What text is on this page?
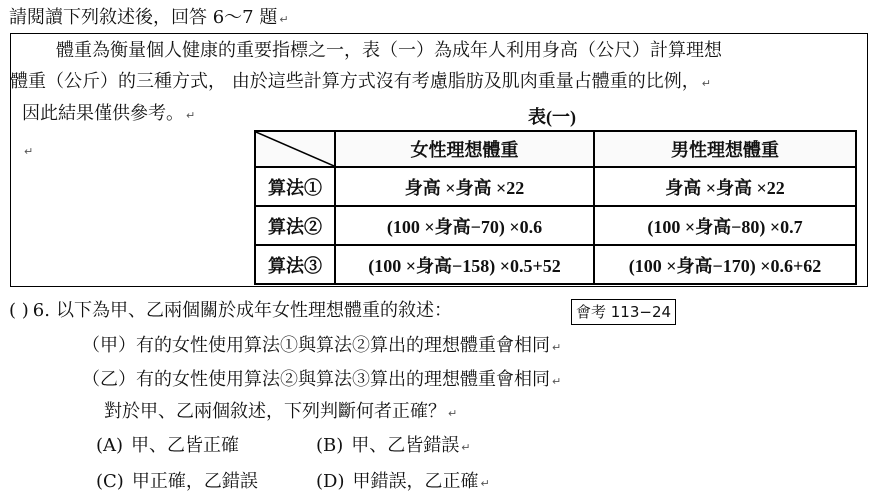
請閱讀下列敘述後，回答 6～7 題 ↵
體重為衡量個人健康的重要指標之一，表（一）為成年人利用身高（公尺）計算理想
體重（公斤）的三種方式， 由於這些計算方式沒有考慮脂肪及肌肉重量占體重的比例， ↵
因此結果僅供參考。 ↵
↵
表(一)
	女性理想體重	男性理想體重
算法①	身高 ×身高 ×22	身高 ×身高 ×22
算法②	(100 ×身高−70) ×0.6	(100 ×身高−80) ×0.7
算法③	(100 ×身高−158) ×0.5+52	(100 ×身高−170) ×0.6+62
( ) 6. 以下為甲、乙兩個關於成年女性理想體重的敘述：	會考 113−24
（甲）有的女性使用算法①與算法②算出的理想體重會相同 ↵
（乙）有的女性使用算法②與算法③算出的理想體重會相同 ↵
對於甲、乙兩個敘述，下列判斷何者正確？ ↵
(A) 甲、乙皆正確	(B) 甲、乙皆錯誤 ↵
(C) 甲正確，乙錯誤	(D) 甲錯誤，乙正確 ↵
